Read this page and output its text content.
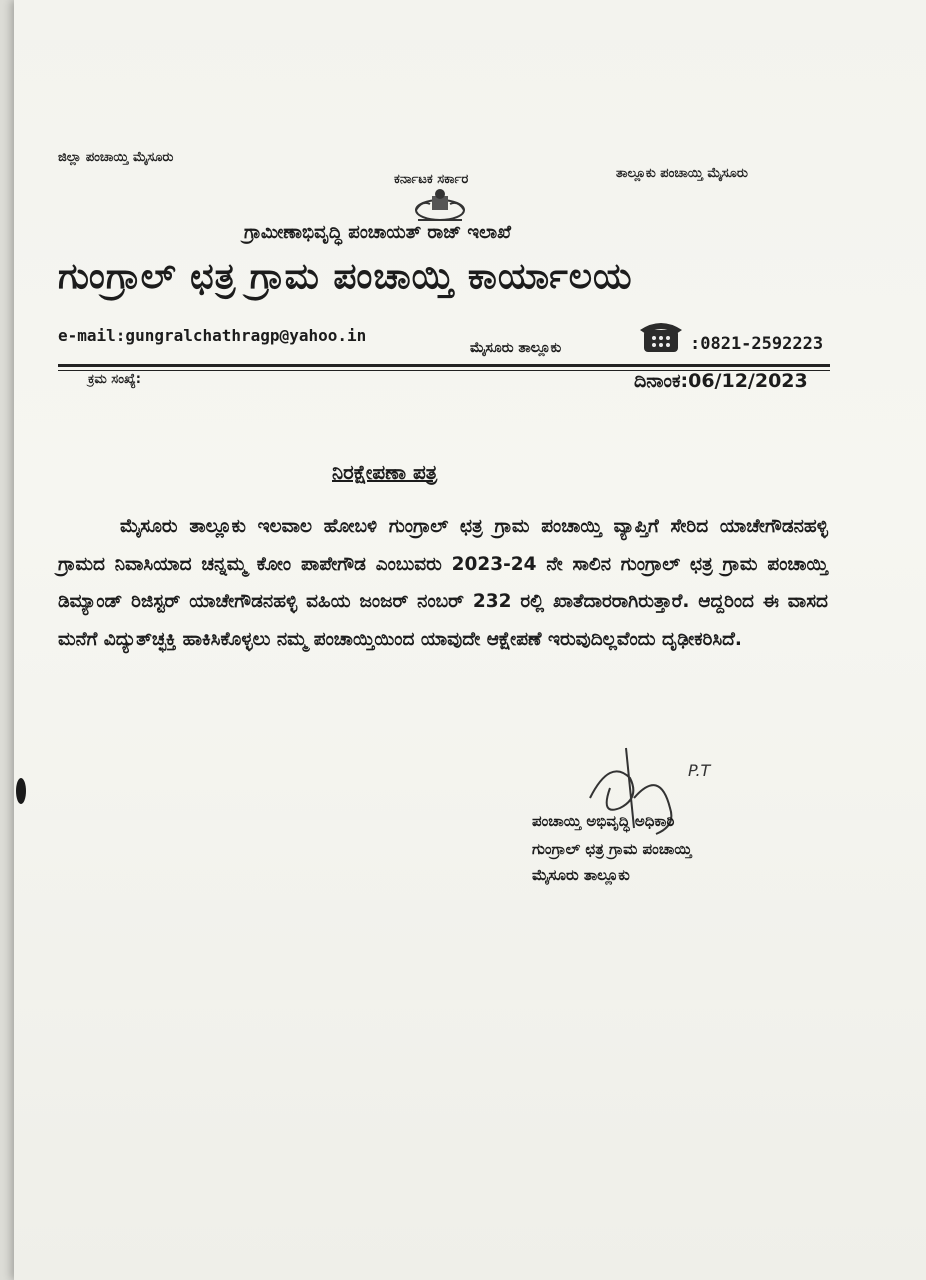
ಜಿಲ್ಲಾ ಪಂಚಾಯ್ತಿ ಮೈಸೂರು
ಕರ್ನಾಟಕ ಸರ್ಕಾರ	ತಾಲ್ಲೂಕು ಪಂಚಾಯ್ತಿ ಮೈಸೂರು
ಗ್ರಾಮೀಣಾಭಿವೃದ್ಧಿ ಪಂಚಾಯತ್ ರಾಜ್ ಇಲಾಖೆ
ಗುಂಗ್ರಾಲ್ ಛತ್ರ ಗ್ರಾಮ ಪಂಚಾಯ್ತಿ ಕಾರ್ಯಾಲಯ
e-mail:gungralchathragp@yahoo.in
ಮೈಸೂರು ತಾಲ್ಲೂಕು	:0821-2592223
ಕ್ರಮ ಸಂಖ್ಯೆ:	ದಿನಾಂಕ:06/12/2023
ನಿರಕ್ಷೇಪಣಾ ಪತ್ರ
ಮೈಸೂರು ತಾಲ್ಲೂಕು ಇಲವಾಲ ಹೋಬಳಿ ಗುಂಗ್ರಾಲ್ ಛತ್ರ ಗ್ರಾಮ ಪಂಚಾಯ್ತಿ ವ್ಯಾಪ್ತಿಗೆ ಸೇರಿದ ಯಾಚೇಗೌಡನಹಳ್ಳಿ ಗ್ರಾಮದ ನಿವಾಸಿಯಾದ ಚನ್ನಮ್ಮ ಕೋಂ ಪಾಪೇಗೌಡ ಎಂಬುವರು 2023-24 ನೇ ಸಾಲಿನ ಗುಂಗ್ರಾಲ್ ಛತ್ರ ಗ್ರಾಮ ಪಂಚಾಯ್ತಿ ಡಿಮ್ಯಾಂಡ್ ರಿಜಿಸ್ಟರ್ ಯಾಚೇಗೌಡನಹಳ್ಳಿ ವಹಿಯ ಜಂಜರ್ ನಂಬರ್ 232 ರಲ್ಲಿ ಖಾತೆದಾರರಾಗಿರುತ್ತಾರೆ. ಆದ್ದರಿಂದ ಈ ವಾಸದ ಮನೆಗೆ ವಿದ್ಯುತ್‌ಚ್ಛಕ್ತಿ ಹಾಕಿಸಿಕೊಳ್ಳಲು ನಮ್ಮ ಪಂಚಾಯ್ತಿಯಿಂದ ಯಾವುದೇ ಆಕ್ಷೇಪಣೆ ಇರುವುದಿಲ್ಲವೆಂದು ದೃಢೀಕರಿಸಿದೆ.
P.T
ಪಂಚಾಯ್ತಿ ಅಭಿವೃದ್ಧಿ ಅಧಿಕಾರಿ
ಗುಂಗ್ರಾಲ್ ಛತ್ರ ಗ್ರಾಮ ಪಂಚಾಯ್ತಿ
ಮೈಸೂರು ತಾಲ್ಲೂಕು
